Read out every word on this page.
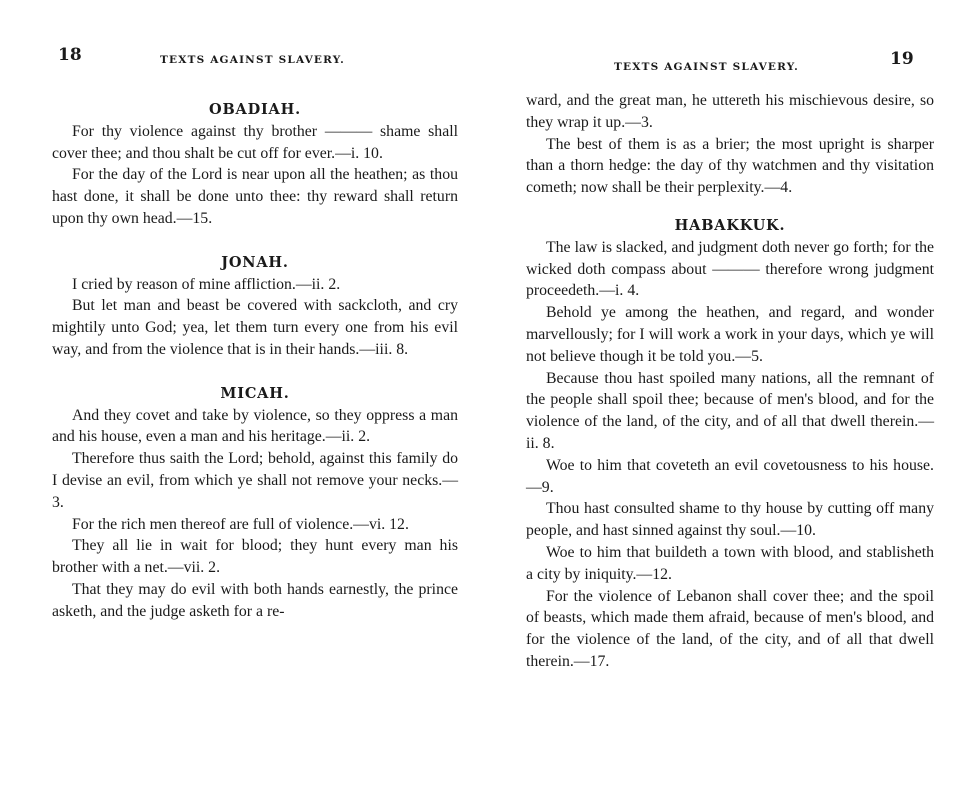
18	TEXTS AGAINST SLAVERY.
OBADIAH.

For thy violence against thy brother ——— shame shall cover thee; and thou shalt be cut off for ever.—i. 10.

For the day of the Lord is near upon all the heathen; as thou hast done, it shall be done unto thee: thy reward shall return upon thy own head.—15.

JONAH.

I cried by reason of mine affliction.—ii. 2.

But let man and beast be covered with sackcloth, and cry mightily unto God; yea, let them turn every one from his evil way, and from the violence that is in their hands.—iii. 8.

MICAH.

And they covet and take by violence, so they oppress a man and his house, even a man and his heritage.—ii. 2.

Therefore thus saith the Lord; behold, against this family do I devise an evil, from which ye shall not remove your necks.—3.

For the rich men thereof are full of violence.—vi. 12.

They all lie in wait for blood; they hunt every man his brother with a net.—vii. 2.

That they may do evil with both hands earnestly, the prince asketh, and the judge asketh for a re-

19
TEXTS AGAINST SLAVERY.

ward, and the great man, he uttereth his mischievous desire, so they wrap it up.—3.

The best of them is as a brier; the most upright is sharper than a thorn hedge: the day of thy watchmen and thy visitation cometh; now shall be their perplexity.—4.

HABAKKUK.

The law is slacked, and judgment doth never go forth; for the wicked doth compass about ——— therefore wrong judgment proceedeth.—i. 4.

Behold ye among the heathen, and regard, and wonder marvellously; for I will work a work in your days, which ye will not believe though it be told you.—5.

Because thou hast spoiled many nations, all the remnant of the people shall spoil thee; because of men's blood, and for the violence of the land, of the city, and of all that dwell therein.—ii. 8.

Woe to him that coveteth an evil covetousness to his house.—9.

Thou hast consulted shame to thy house by cutting off many people, and hast sinned against thy soul.—10.

Woe to him that buildeth a town with blood, and stablisheth a city by iniquity.—12.

For the violence of Lebanon shall cover thee; and the spoil of beasts, which made them afraid, because of men's blood, and for the violence of the land, of the city, and of all that dwell therein.—17.
